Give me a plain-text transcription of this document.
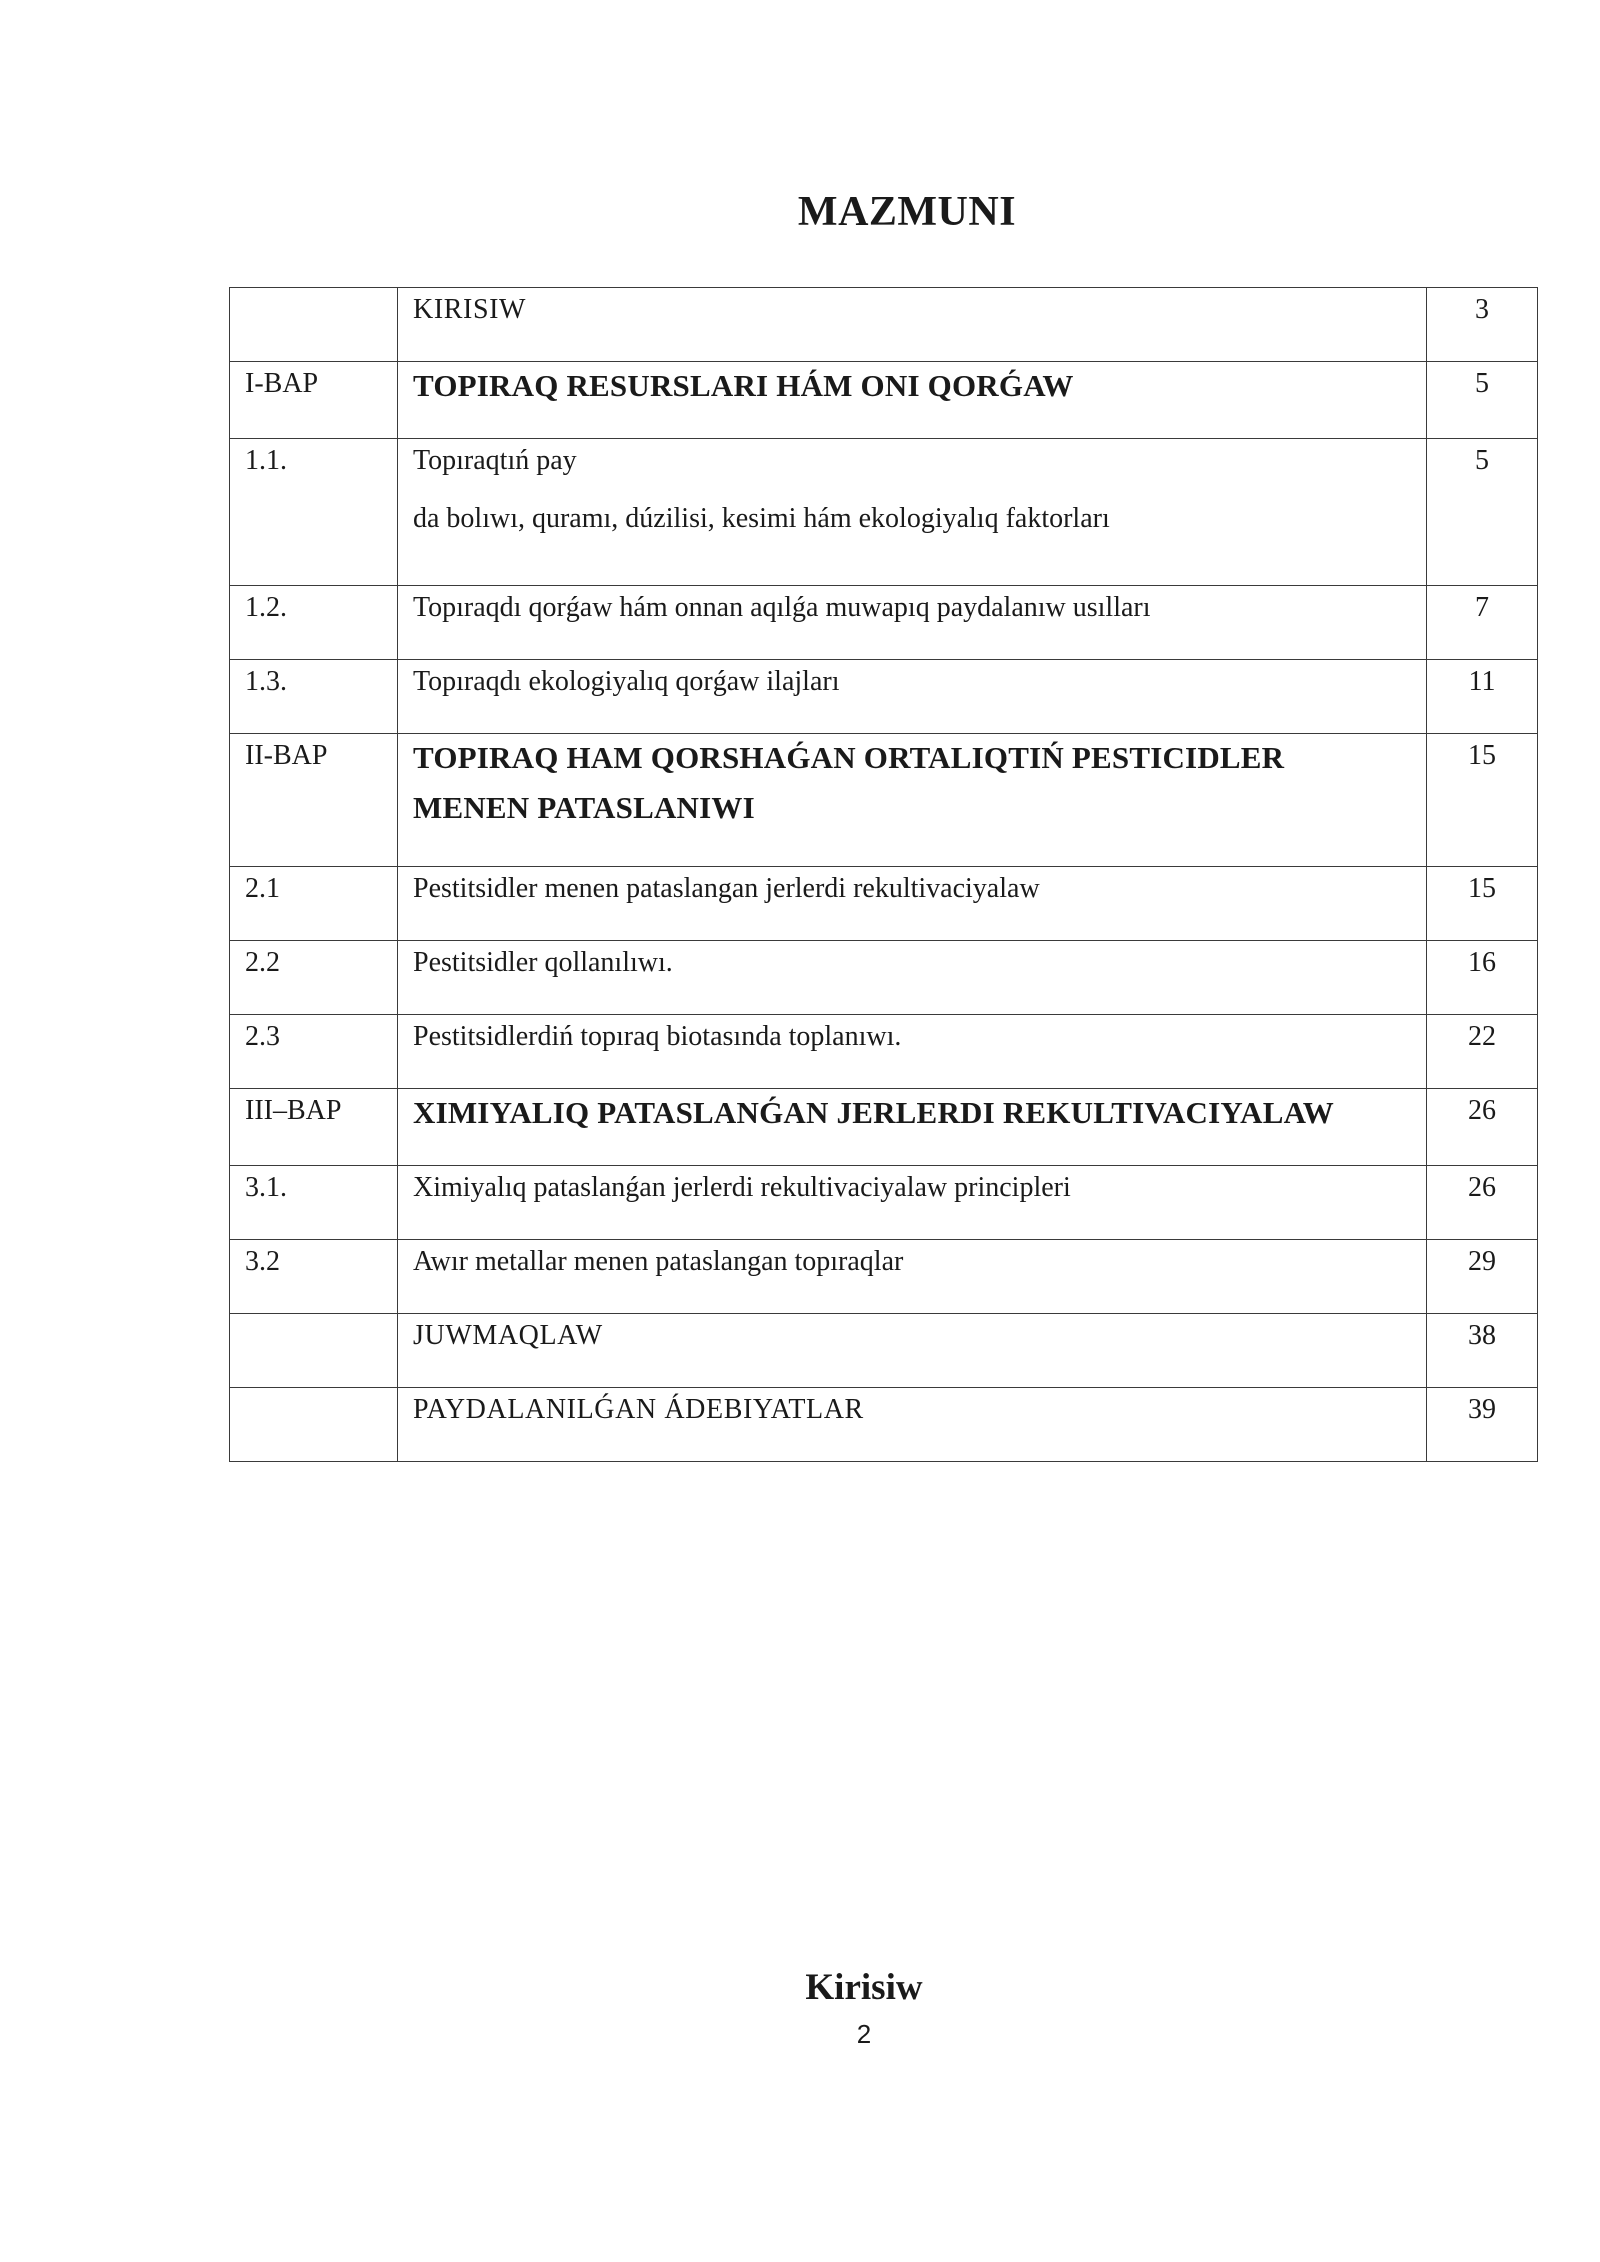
MAZMUNI
	KIRISIW	3
I-BAP	TOPIRAQ RESURSLARI HÁM ONI QORǴAW	5
1.1.	Topıraqtıń pay
da bolıwı, quramı, dúzilisi, kesimi hám ekologiyalıq faktorları	5
1.2.	Topıraqdı qorǵaw hám onnan aqılǵa muwapıq paydalanıw usılları	7
1.3.	Topıraqdı ekologiyalıq qorǵaw ilajları	11
II-BAP	TOPIRAQ HAM QORSHAǴAN ORTALIQTIŃ PESTICIDLER
MENEN PATASLANIWI	15
2.1	Pestitsidler menen pataslangan jerlerdi rekultivaciyalaw	15
2.2	Pestitsidler qollanılıwı.	16
2.3	Pestitsidlerdiń topıraq biotasında toplanıwı.	22
III–BAP	XIMIYALIQ PATASLANǴAN JERLERDI REKULTIVACIYALAW	26
3.1.	Ximiyalıq pataslanǵan jerlerdi rekultivaciyalaw principleri	26
3.2	Awır metallar menen pataslangan topıraqlar	29
	JUWMAQLAW	38
	PAYDALANILǴAN ÁDEBIYATLAR	39
Kirisiw
2
